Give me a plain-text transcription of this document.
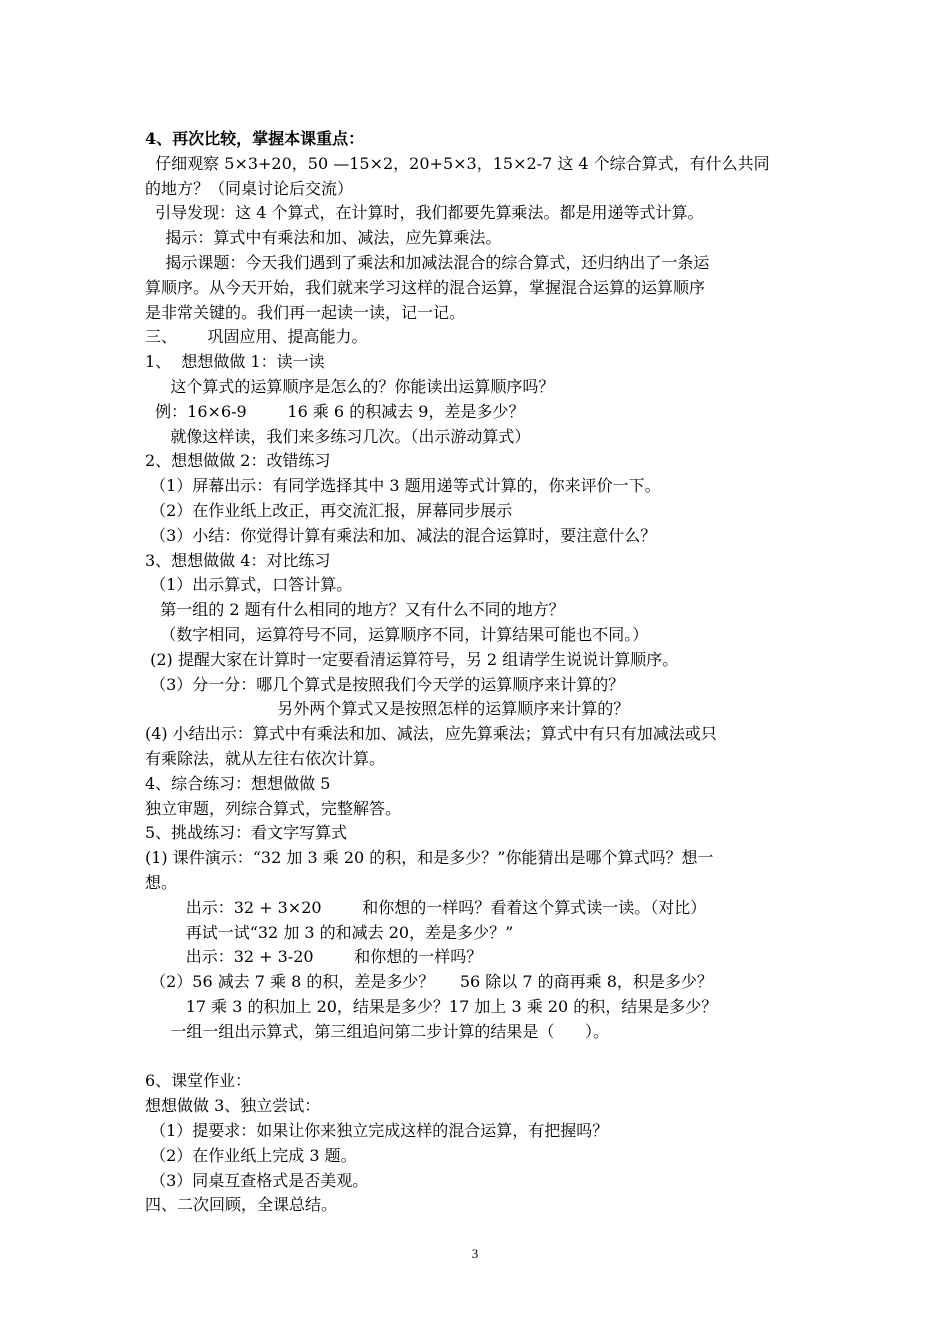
4、再次比较，掌握本课重点：
仔细观察 5×3+20，50 —15×2，20+5×3，15×2-7 这 4 个综合算式，有什么共同
的地方？（同桌讨论后交流）
引导发现：这 4 个算式，在计算时，我们都要先算乘法。都是用递等式计算。
揭示：算式中有乘法和加、减法，应先算乘法。
揭示课题：今天我们遇到了乘法和加减法混合的综合算式，还归纳出了一条运
算顺序。从今天开始，我们就来学习这样的混合运算，掌握混合运算的运算顺序
是非常关键的。我们再一起读一读，记一记。
三、      巩固应用、提高能力。
1、  想想做做 1：读一读
这个算式的运算顺序是怎么的？你能读出运算顺序吗？
例：16×6-9        16 乘 6 的积减去 9，差是多少？
就像这样读，我们来多练习几次。（出示游动算式）
2、想想做做 2：改错练习
（1）屏幕出示：有同学选择其中 3 题用递等式计算的，你来评价一下。
（2）在作业纸上改正，再交流汇报，屏幕同步展示
（3）小结：你觉得计算有乘法和加、减法的混合运算时，要注意什么？
3、想想做做 4：对比练习
（1）出示算式，口答计算。
第一组的 2 题有什么相同的地方？又有什么不同的地方？
（数字相同，运算符号不同，运算顺序不同，计算结果可能也不同。）
(2) 提醒大家在计算时一定要看清运算符号，另 2 组请学生说说计算顺序。
（3）分一分：哪几个算式是按照我们今天学的运算顺序来计算的？
另外两个算式又是按照怎样的运算顺序来计算的？
(4) 小结出示：算式中有乘法和加、减法，应先算乘法；算式中有只有加减法或只
有乘除法，就从左往右依次计算。
4、综合练习：想想做做 5
独立审题，列综合算式，完整解答。
5、挑战练习：看文字写算式
(1) 课件演示：“32 加 3 乘 20 的积，和是多少？”你能猜出是哪个算式吗？想一
想。
出示：32 + 3×20        和你想的一样吗？看着这个算式读一读。（对比）
再试一试“32 加 3 的和减去 20，差是多少？”
出示：32 + 3-20        和你想的一样吗？
（2）56 减去 7 乘 8 的积，差是多少？     56 除以 7 的商再乘 8，积是多少？
17 乘 3 的积加上 20，结果是多少？17 加上 3 乘 20 的积，结果是多少？
一组一组出示算式，第三组追问第二步计算的结果是（      ）。
6、课堂作业：
想想做做 3、独立尝试：
（1）提要求：如果让你来独立完成这样的混合运算，有把握吗？
（2）在作业纸上完成 3 题。
（3）同桌互查格式是否美观。
四、二次回顾，全课总结。
3
